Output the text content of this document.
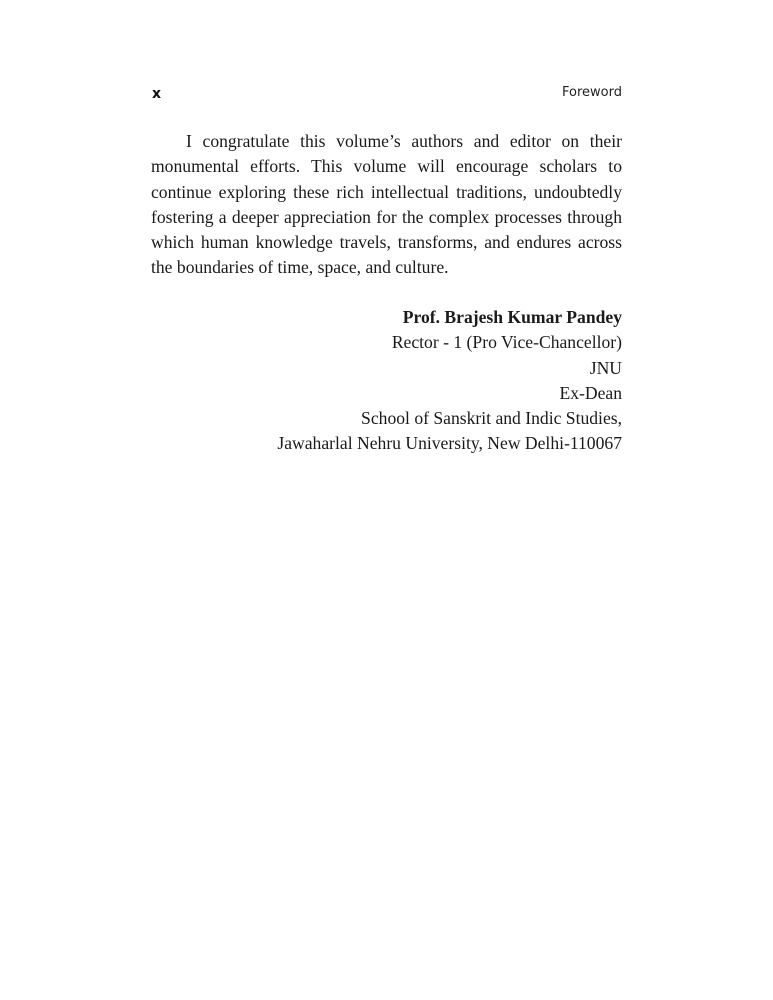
x	Foreword

I congratulate this volume’s authors and editor on their monumental efforts. This volume will encourage scholars to continue exploring these rich intellectual traditions, undoubtedly fostering a deeper appreciation for the complex processes through which human knowledge travels, transforms, and endures across the boundaries of time, space, and culture.

Prof. Brajesh Kumar Pandey
Rector - 1 (Pro Vice-Chancellor)
JNU
Ex-Dean
School of Sanskrit and Indic Studies,
Jawaharlal Nehru University, New Delhi-110067
